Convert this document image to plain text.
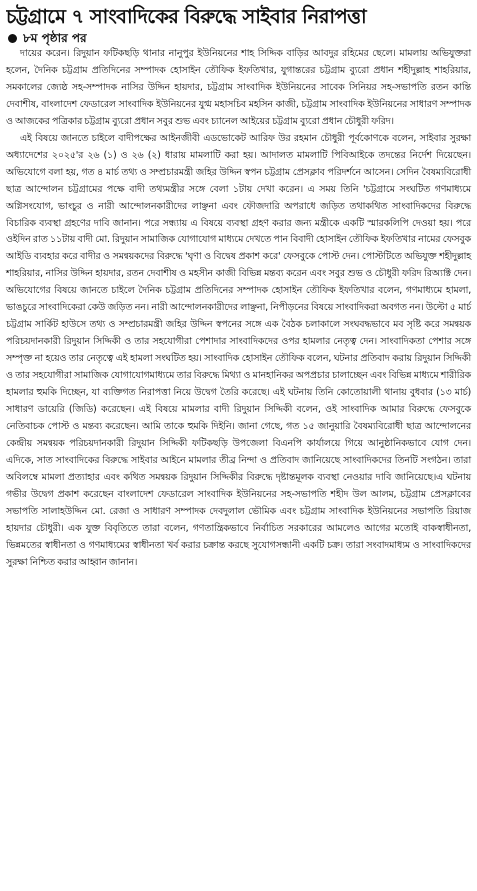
চট্টগ্রামে ৭ সাংবাদিকের বিরুদ্ধে সাইবার নিরাপত্তা
৮ম পৃষ্ঠার পর

দায়ের করেন। রিদুয়ান ফটিকছড়ি থানার নানুপুর ইউনিয়নের শাহ সিদ্দিক বাড়ির আবদুর রহিমের ছেলে। মামলায় অভিযুক্তরা হলেন, দৈনিক চট্টগ্রাম প্রতিদিনের সম্পাদক হোসাইন তৌফিক ইফতিখার, যুগান্তরের চট্টগ্রাম ব্যুরো প্রধান শহীদুল্লাহ শাহরিয়ার, সমকালের জ্যেষ্ঠ সহ-সম্পাদক নাসির উদ্দিন হায়দার, চট্টগ্রাম সাংবাদিক ইউনিয়নের সাবেক সিনিয়র সহ-সভাপতি রতন কান্তি দেবাশীষ, বাংলাদেশ ফেডারেল সাংবাদিক ইউনিয়নের যুগ্ম মহাসচিব মহসিন কাজী, চট্টগ্রাম সাংবাদিক ইউনিয়নের সাধারণ সম্পাদক ও আজকের পত্রিকার চট্টগ্রাম ব্যুরো প্রধান সবুর শুভ এবং চ্যানেল আইয়ের চট্টগ্রাম ব্যুরো প্রধান চৌধুরী ফরিদ।

এই বিষয়ে জানতে চাইলে বাদীপক্ষের আইনজীবী এডভোকেট আরিফ উর রহমান চৌধুরী পূর্বকোণকে বলেন, সাইবার সুরক্ষা অধ্যাদেশের ২০২৫'র ২৬ (১) ও ২৬ (২) ধারায় মামলাটি করা হয়। আদালত মামলাটি পিবিআইকে তদন্তের নির্দেশ দিয়েছেন। অভিযোগে বলা হয়, গত ৪ মার্চ তথ্য ও সম্প্রচারমন্ত্রী জহির উদ্দিন স্বপন চট্টগ্রাম প্রেসক্লাব পরিদর্শনে আসেন। সেদিন বৈষম্যবিরোধী ছাত্র আন্দোলন চট্টগ্রামের পক্ষে বাদী তথ্যমন্ত্রীর সঙ্গে বেলা ১টায় দেখা করেন। এ সময় তিনি 'চট্টগ্রামে সংঘটিত গণমাধ্যমে অগ্নিসংযোগ, ভাংচুর ও নারী আন্দোলনকারীদের লাঞ্ছনা এবং ফৌজদারি অপরাধে জড়িত তথাকথিত সাংবাদিকদের বিরুদ্ধে বিচারিক ব্যবস্থা গ্রহণের দাবি জানান। পরে সন্ধ্যায় এ বিষয়ে ব্যবস্থা গ্রহণ করার জন্য মন্ত্রীকে একটি স্মারকলিপি দেওয়া হয়। পরে ওইদিন রাত ১১টায় বাদী মো. রিদুয়ান সামাজিক যোগাযোগ মাধ্যমে দেখতে পান বিবাদী হোসাইন তৌফিক ইফতিখার নামের ফেসবুক আইডি ব্যবহার করে বাদীর ও সমন্বয়কদের বিরুদ্ধে 'ঘৃণা ও বিদ্বেষ প্রকাশ করে' ফেসবুকে পোস্ট দেন। পোস্টটিতে অভিযুক্ত শহীদুল্লাহ শাহরিয়ার, নাসির উদ্দিন হায়দার, রতন দেবাশীষ ও মহসীন কাজী বিভিন্ন মন্তব্য করেন এবং সবুর শুভ ও চৌধুরী ফরিদ রিঅ্যাক্ট দেন। অভিযোগের বিষয়ে জানতে চাইলে দৈনিক চট্টগ্রাম প্রতিদিনের সম্পাদক হোসাইন তৌফিক ইফতিখার বলেন, গণমাধ্যমে হামলা, ভাঙচুরে সাংবাদিকেরা কেউ জড়িত নন। নারী আন্দোলনকারীদের লাঞ্ছনা, নিপীড়নের বিষয়ে সাংবাদিকরা অবগত নন। উল্টো ৫ মার্চ চট্টগ্রাম সার্কিট হাউসে তথ্য ও সম্প্রচারমন্ত্রী জহির উদ্দিন স্বপনের সঙ্গে এক বৈঠক চলাকালে সংঘবদ্ধভাবে মব সৃষ্টি করে সমন্বয়ক পরিচয়দানকারী রিদুয়ান সিদ্দিকী ও তার সহযোগীরা পেশাদার সাংবাদিকদের ওপর হামলার নেতৃত্ব দেন। সাংবাদিকতা পেশার সঙ্গে সম্পৃক্ত না হয়েও তার নেতৃত্বে এই হামলা সংঘটিত হয়। সাংবাদিক হোসাইন তৌফিক বলেন, ঘটনার প্রতিবাদ করায় রিদুয়ান সিদ্দিকী ও তার সহযোগীরা সামাজিক যোগাযোগমাধ্যমে তার বিরুদ্ধে মিথ্যা ও মানহানিকর অপপ্রচার চালাচ্ছেন এবং বিভিন্ন মাধ্যমে শারীরিক হামলার হুমকি দিচ্ছেন, যা ব্যক্তিগত নিরাপত্তা নিয়ে উদ্বেগ তৈরি করেছে। এই ঘটনায় তিনি কোতোয়ালী থানায় বুধবার (১৩ মার্চ) সাধারণ ডায়েরি (জিডি) করেছেন। এই বিষয়ে মামলার বাদী রিদুয়ান সিদ্দিকী বলেন, ওই সাংবাদিক আমার বিরুদ্ধে ফেসবুকে নেতিবাচক পোস্ট ও মন্তব্য করেছেন। আমি তাকে হুমকি দিইনি। জানা গেছে, গত ১৫ জানুয়ারি বৈষম্যবিরোধী ছাত্র আন্দোলনের কেন্দ্রীয় সমন্বয়ক পরিচয়দানকারী রিদুয়ান সিদ্দিকী ফটিকছড়ি উপজেলা বিএনপি কার্যালয়ে গিয়ে আনুষ্ঠানিকভাবে যোগ দেন। এদিকে, সাত সাংবাদিকের বিরুদ্ধে সাইবার আইনে মামলার তীব্র নিন্দা ও প্রতিবাদ জানিয়েছে সাংবাদিকদের তিনটি সংগঠন। তারা অবিলম্বে মামলা প্রত্যাহার এবং কথিত সমন্বয়ক রিদুয়ান সিদ্দিকীর বিরুদ্ধে দৃষ্টান্তমূলক ব্যবস্থা নেওয়ার দাবি জানিয়েছে।এ ঘটনায় গভীর উদ্বেগ প্রকাশ করেছেন বাংলাদেশ ফেডারেল সাংবাদিক ইউনিয়নের সহ-সভাপতি শহীদ উল আলম, চট্টগ্রাম প্রেসক্লাবের সভাপতি সালাহউদ্দিন মো. রেজা ও সাধারণ সম্পাদক দেবদুলাল ভৌমিক এবং চট্টগ্রাম সাংবাদিক ইউনিয়নের সভাপতি রিয়াজ হায়দার চৌধুরী। এক যুক্ত বিবৃতিতে তারা বলেন, গণতান্ত্রিকভাবে নির্বাচিত সরকারের আমলেও আগের মতোই বাকস্বাধীনতা, ভিন্নমতের স্বাধীনতা ও গণমাধ্যমের স্বাধীনতা খর্ব করার চক্রান্ত করছে সুযোগসন্ধানী একটি চক্র। তারা সংবাদমাধ্যম ও সাংবাদিকদের সুরক্ষা নিশ্চিত করার আহ্বান জানান।
